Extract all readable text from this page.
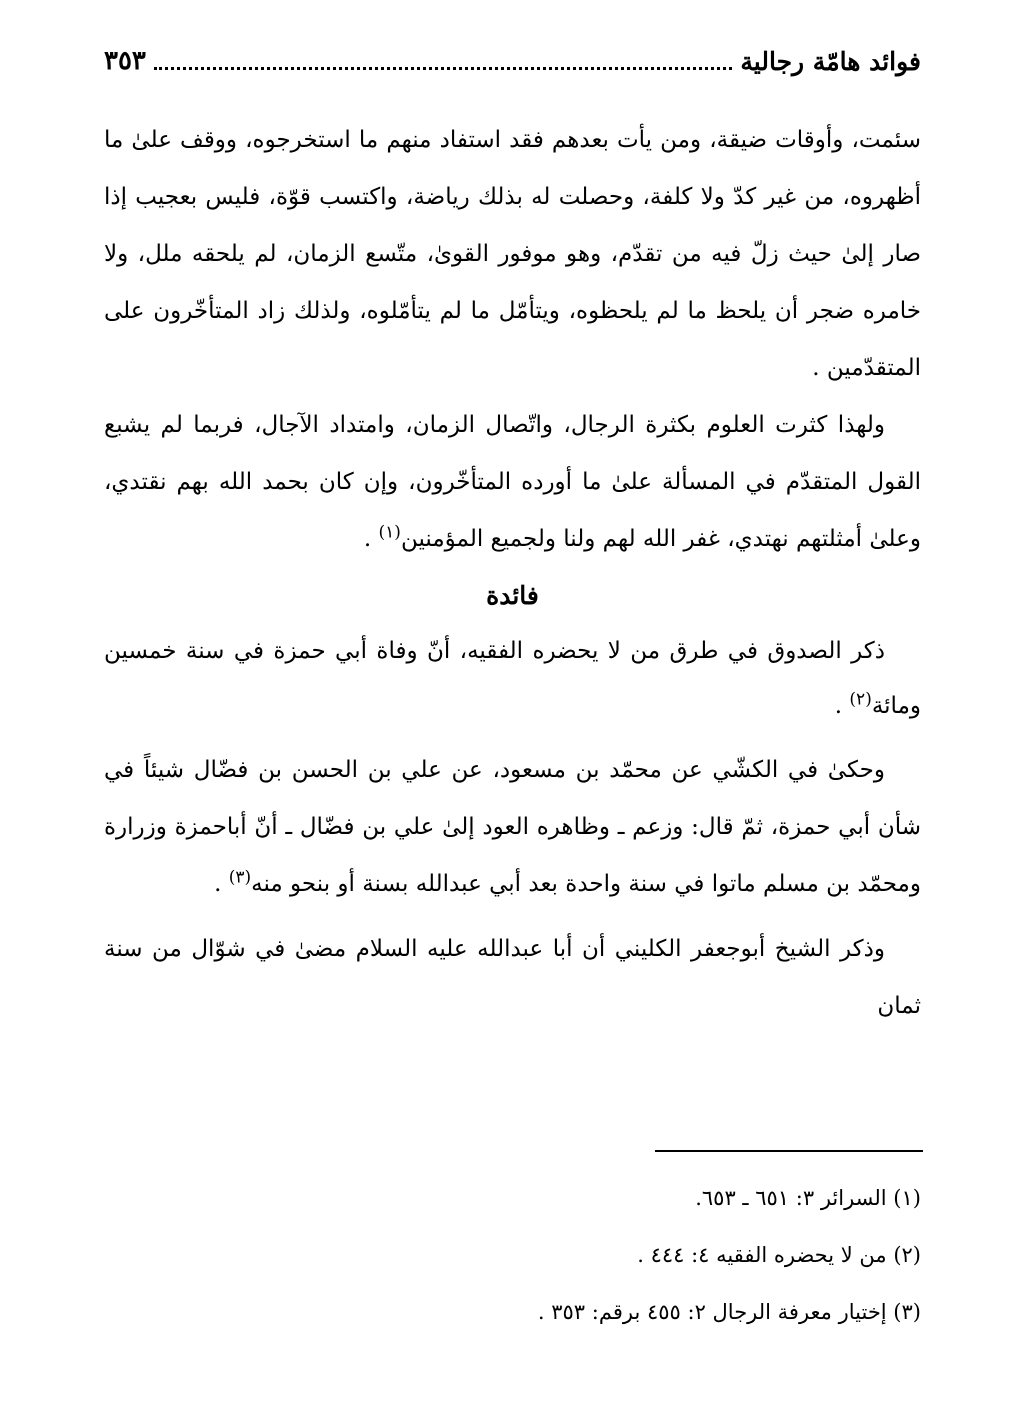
فوائد هامّة رجالية
٣٥٣

سئمت، وأوقات ضيقة، ومن يأت بعدهم فقد استفاد منهم ما استخرجوه، ووقف علىٰ ما أظهروه، من غير كدّ ولا كلفة، وحصلت له بذلك رياضة، واكتسب قوّة، فليس بعجيب إذا صار إلىٰ حيث زلّ فيه من تقدّم، وهو موفور القوىٰ، متّسع الزمان، لم يلحقه ملل، ولا خامره ضجر أن يلحظ ما لم يلحظوه، ويتأمّل ما لم يتأمّلوه، ولذلك زاد المتأخّرون على المتقدّمين .

ولهذا كثرت العلوم بكثرة الرجال، واتّصال الزمان، وامتداد الآجال، فربما لم يشبع القول المتقدّم في المسألة علىٰ ما أورده المتأخّرون، وإن كان بحمد الله بهم نقتدي، وعلىٰ أمثلتهم نهتدي، غفر الله لهم ولنا ولجميع المؤمنين$^{(١)}$ .

فائدة

ذكر الصدوق في طرق من لا يحضره الفقيه، أنّ وفاة أبي حمزة في سنة خمسين ومائة$^{(٢)}$ .

وحكىٰ في الكشّي عن محمّد بن مسعود، عن علي بن الحسن بن فضّال شيئاً في شأن أبي حمزة، ثمّ قال: وزعم ـ وظاهره العود إلىٰ علي بن فضّال ـ أنّ أباحمزة وزرارة ومحمّد بن مسلم ماتوا في سنة واحدة بعد أبي عبدالله بسنة أو بنحو منه$^{(٣)}$ .

وذكر الشيخ أبوجعفر الكليني أن أبا عبدالله عليه السلام مضىٰ في شوّال من سنة ثمان

(١) السرائر ٣: ٦٥١ ـ ٦٥٣.
(٢) من لا يحضره الفقيه ٤: ٤٤٤ .
(٣) إختيار معرفة الرجال ٢: ٤٥٥ برقم: ٣٥٣ .
